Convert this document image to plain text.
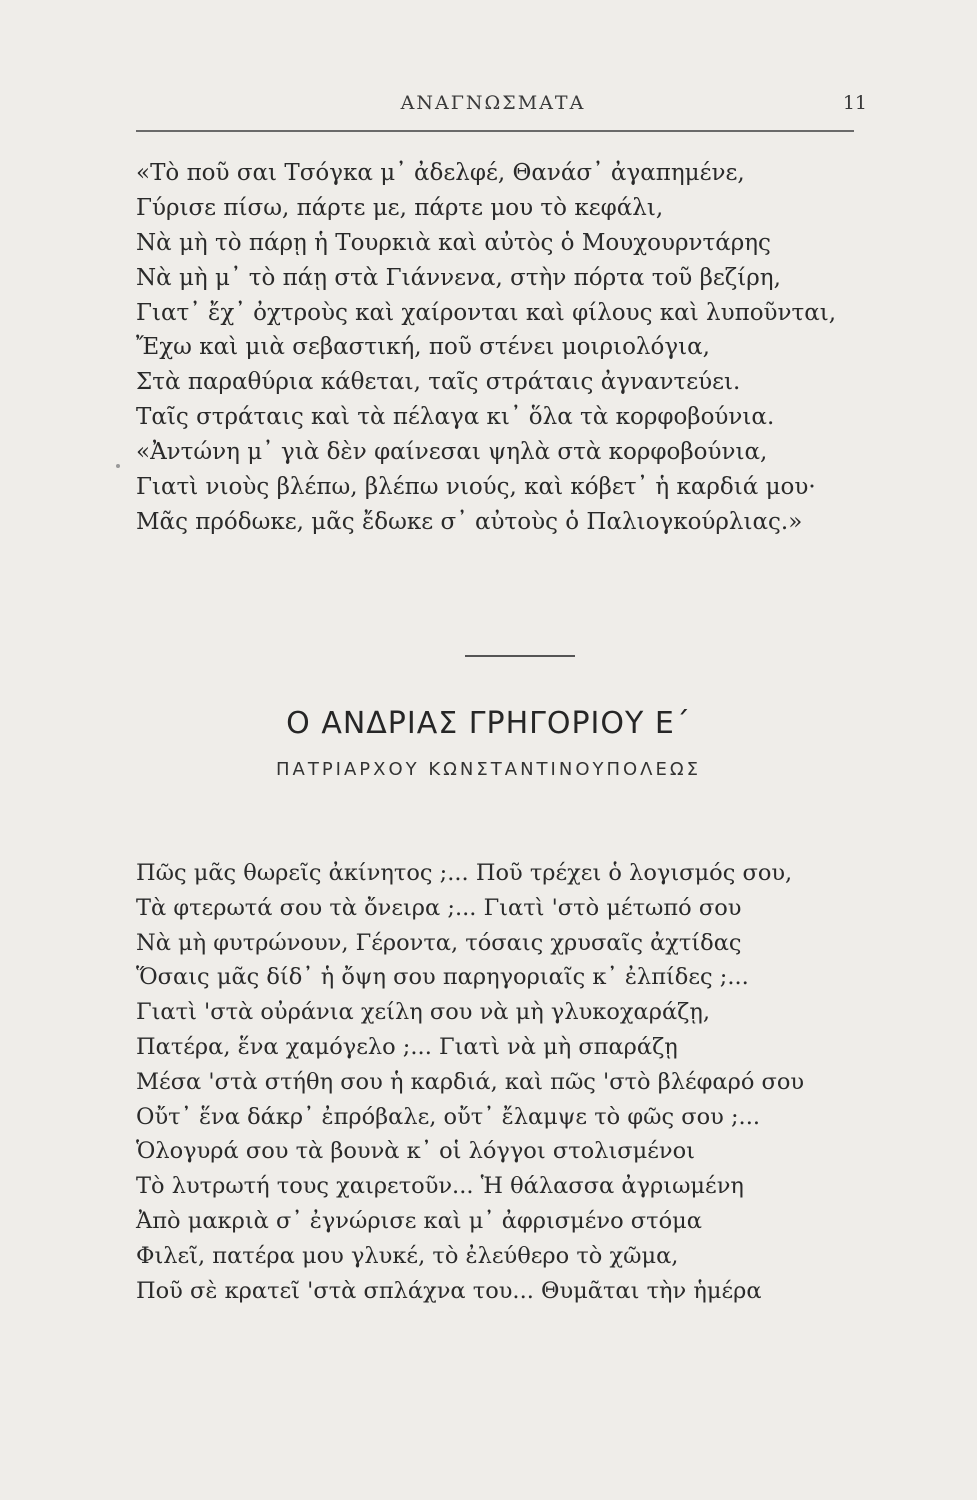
ΑΝΑΓΝΩΣΜΑΤΑ	11
«Τὸ ποῦ σαι Τσόγκα μ᾽ ἀδελφέ, Θανάσ᾽ ἀγαπημένε,
Γύρισε πίσω, πάρτε με, πάρτε μου τὸ κεφάλι,
Νὰ μὴ τὸ πάρῃ ἡ Τουρκιὰ καὶ αὐτὸς ὁ Μουχουρντάρης
Νὰ μὴ μ᾽ τὸ πάῃ στὰ Γιάννενα, στὴν πόρτα τοῦ βεζίρη,
Γιατ᾽ ἔχ᾽ ὀχτροὺς καὶ χαίρονται καὶ φίλους καὶ λυποῦνται,
Ἔχω καὶ μιὰ σεβαστική, ποῦ στένει μοιριολόγια,
Στὰ παραθύρια κάθεται, ταῖς στράταις ἀγναντεύει.
Ταῖς στράταις καὶ τὰ πέλαγα κι᾽ ὅλα τὰ κορφοβούνια.
«Ἀντώνη μ᾽ γιὰ δὲν φαίνεσαι ψηλὰ στὰ κορφοβούνια,
Γιατὶ νιοὺς βλέπω, βλέπω νιούς, καὶ κόβετ᾽ ἡ καρδιά μου·
Μᾶς πρόδωκε, μᾶς ἔδωκε σ᾽ αὐτοὺς ὁ Παλιογκούρλιας.»
Ο ΑΝΔΡΙΑΣ ΓΡΗΓΟΡΙΟΥ Ε΄
ΠΑΤΡΙΑΡΧΟΥ ΚΩΝΣΤΑΝΤΙΝΟΥΠΟΛΕΩΣ
Πῶς μᾶς θωρεῖς ἀκίνητος ;... Ποῦ τρέχει ὁ λογισμός σου,
Τὰ φτερωτά σου τὰ ὄνειρα ;... Γιατὶ 'στὸ μέτωπό σου
Νὰ μὴ φυτρώνουν, Γέροντα, τόσαις χρυσαῖς ἀχτίδας
Ὅσαις μᾶς δίδ᾽ ἡ ὄψη σου παρηγοριαῖς κ᾽ ἐλπίδες ;...
Γιατὶ 'στὰ οὐράνια χείλη σου νὰ μὴ γλυκοχαράζῃ,
Πατέρα, ἕνα χαμόγελο ;... Γιατὶ νὰ μὴ σπαράζῃ
Μέσα 'στὰ στήθη σου ἡ καρδιά, καὶ πῶς 'στὸ βλέφαρό σου
Οὔτ᾽ ἕνα δάκρ᾽ ἐπρόβαλε, οὔτ᾽ ἔλαμψε τὸ φῶς σου ;...
Ὁλογυρά σου τὰ βουνὰ κ᾽ οἱ λόγγοι στολισμένοι
Τὸ λυτρωτή τους χαιρετοῦν... Ἡ θάλασσα ἀγριωμένη
Ἀπὸ μακριὰ σ᾽ ἐγνώρισε καὶ μ᾽ ἀφρισμένο στόμα
Φιλεῖ, πατέρα μου γλυκέ, τὸ ἐλεύθερο τὸ χῶμα,
Ποῦ σὲ κρατεῖ 'στὰ σπλάχνα του... Θυμᾶται τὴν ἡμέρα
